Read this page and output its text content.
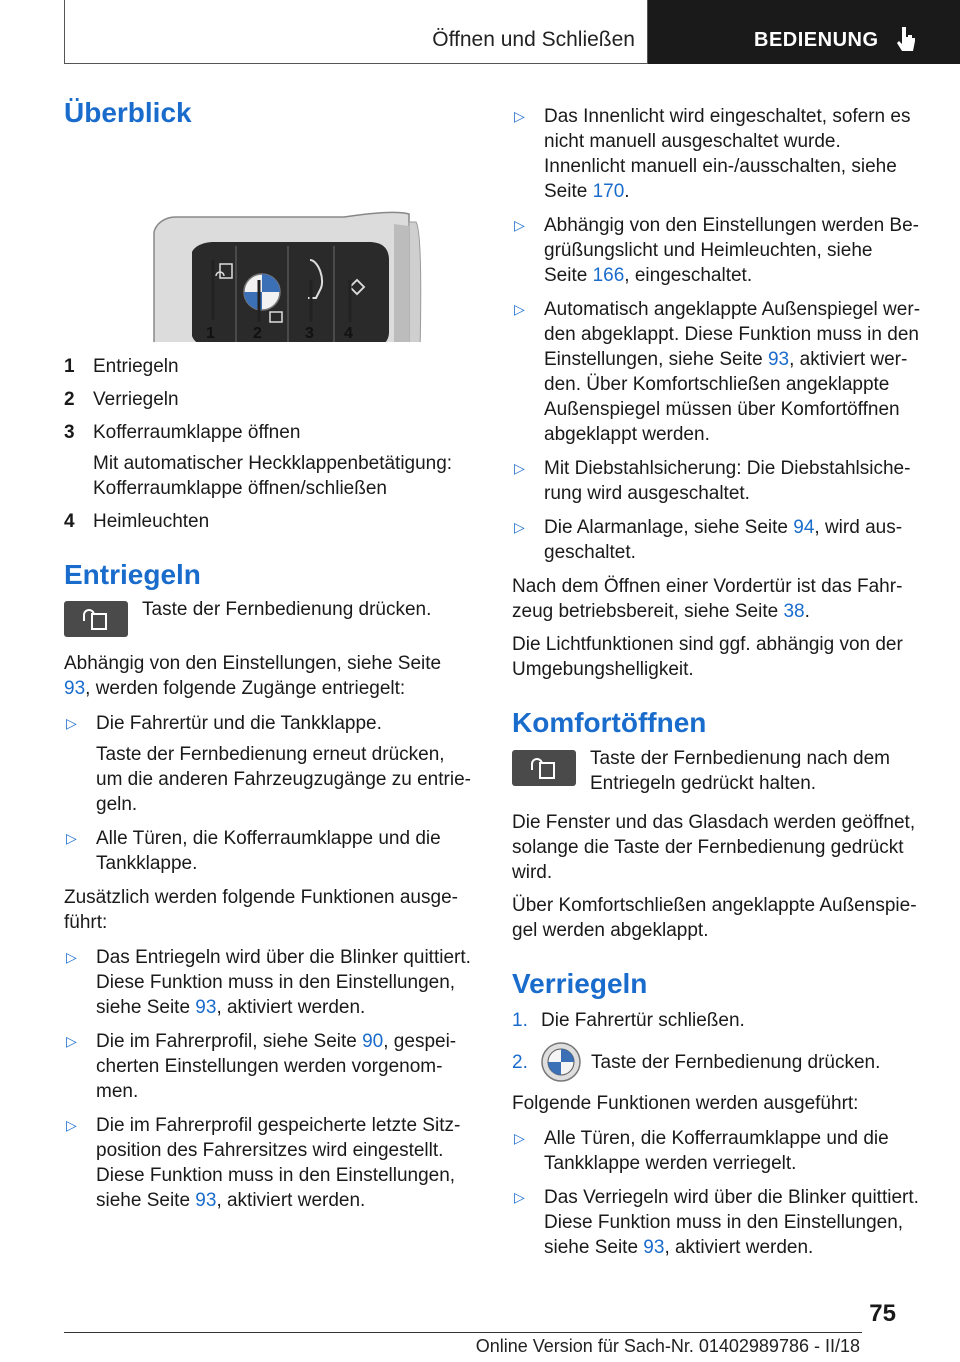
Öffnen und Schließen	BEDIENUNG
Überblick
1 2	3 4
1 Entriegeln

2 Verriegeln

3 Kofferraumklappe öffnen

Mit automatischer Heckklappenbetätigung: Kofferraumklappe öffnen/schließen

4 Heimleuchten

Entriegeln
Taste der Fernbedienung drücken.

Abhängig von den Einstellungen, siehe Seite 93, werden folgende Zugänge entriegelt:

▷	Die Fahrertür und die Tankklappe.

Taste der Fernbedienung erneut drücken, um die anderen Fahrzeugzugänge zu entriegeln.

▷	Alle Türen, die Kofferraumklappe und die Tankklappe.

Zusätzlich werden folgende Funktionen ausgeführt:

▷	Das Entriegeln wird über die Blinker quittiert. Diese Funktion muss in den Einstellungen, siehe Seite 93, aktiviert werden.

▷	Die im Fahrerprofil, siehe Seite 90, gespeicherten Einstellungen werden vorgenommen.

▷	Die im Fahrerprofil gespeicherte letzte Sitzposition des Fahrersitzes wird eingestellt. Diese Funktion muss in den Einstellungen, siehe Seite 93, aktiviert werden.

▷	Das Innenlicht wird eingeschaltet, sofern es nicht manuell ausgeschaltet wurde. Innenlicht manuell ein-/ausschalten, siehe Seite 170.

▷	Abhängig von den Einstellungen werden Begrüßungslicht und Heimleuchten, siehe Seite 166, eingeschaltet.

▷	Automatisch angeklappte Außenspiegel werden abgeklappt. Diese Funktion muss in den Einstellungen, siehe Seite 93, aktiviert werden. Über Komfortschließen angeklappte Außenspiegel müssen über Komfortöffnen abgeklappt werden.

▷	Mit Diebstahlsicherung: Die Diebstahlsicherung wird ausgeschaltet.

▷	Die Alarmanlage, siehe Seite 94, wird ausgeschaltet.

Nach dem Öffnen einer Vordertür ist das Fahrzeug betriebsbereit, siehe Seite 38.

Die Lichtfunktionen sind ggf. abhängig von der Umgebungshelligkeit.

Komfortöffnen
Taste der Fernbedienung nach dem Entriegeln gedrückt halten.

Die Fenster und das Glasdach werden geöffnet, solange die Taste der Fernbedienung gedrückt wird.

Über Komfortschließen angeklappte Außenspiegel werden abgeklappt.

Verriegeln
1. Die Fahrertür schließen.
2.	Taste der Fernbedienung drücken.

Folgende Funktionen werden ausgeführt:

▷	Alle Türen, die Kofferraumklappe und die Tankklappe werden verriegelt.

▷	Das Verriegeln wird über die Blinker quittiert. Diese Funktion muss in den Einstellungen, siehe Seite 93, aktiviert werden.

75
Online Version für Sach-Nr. 01402989786 - II/18
